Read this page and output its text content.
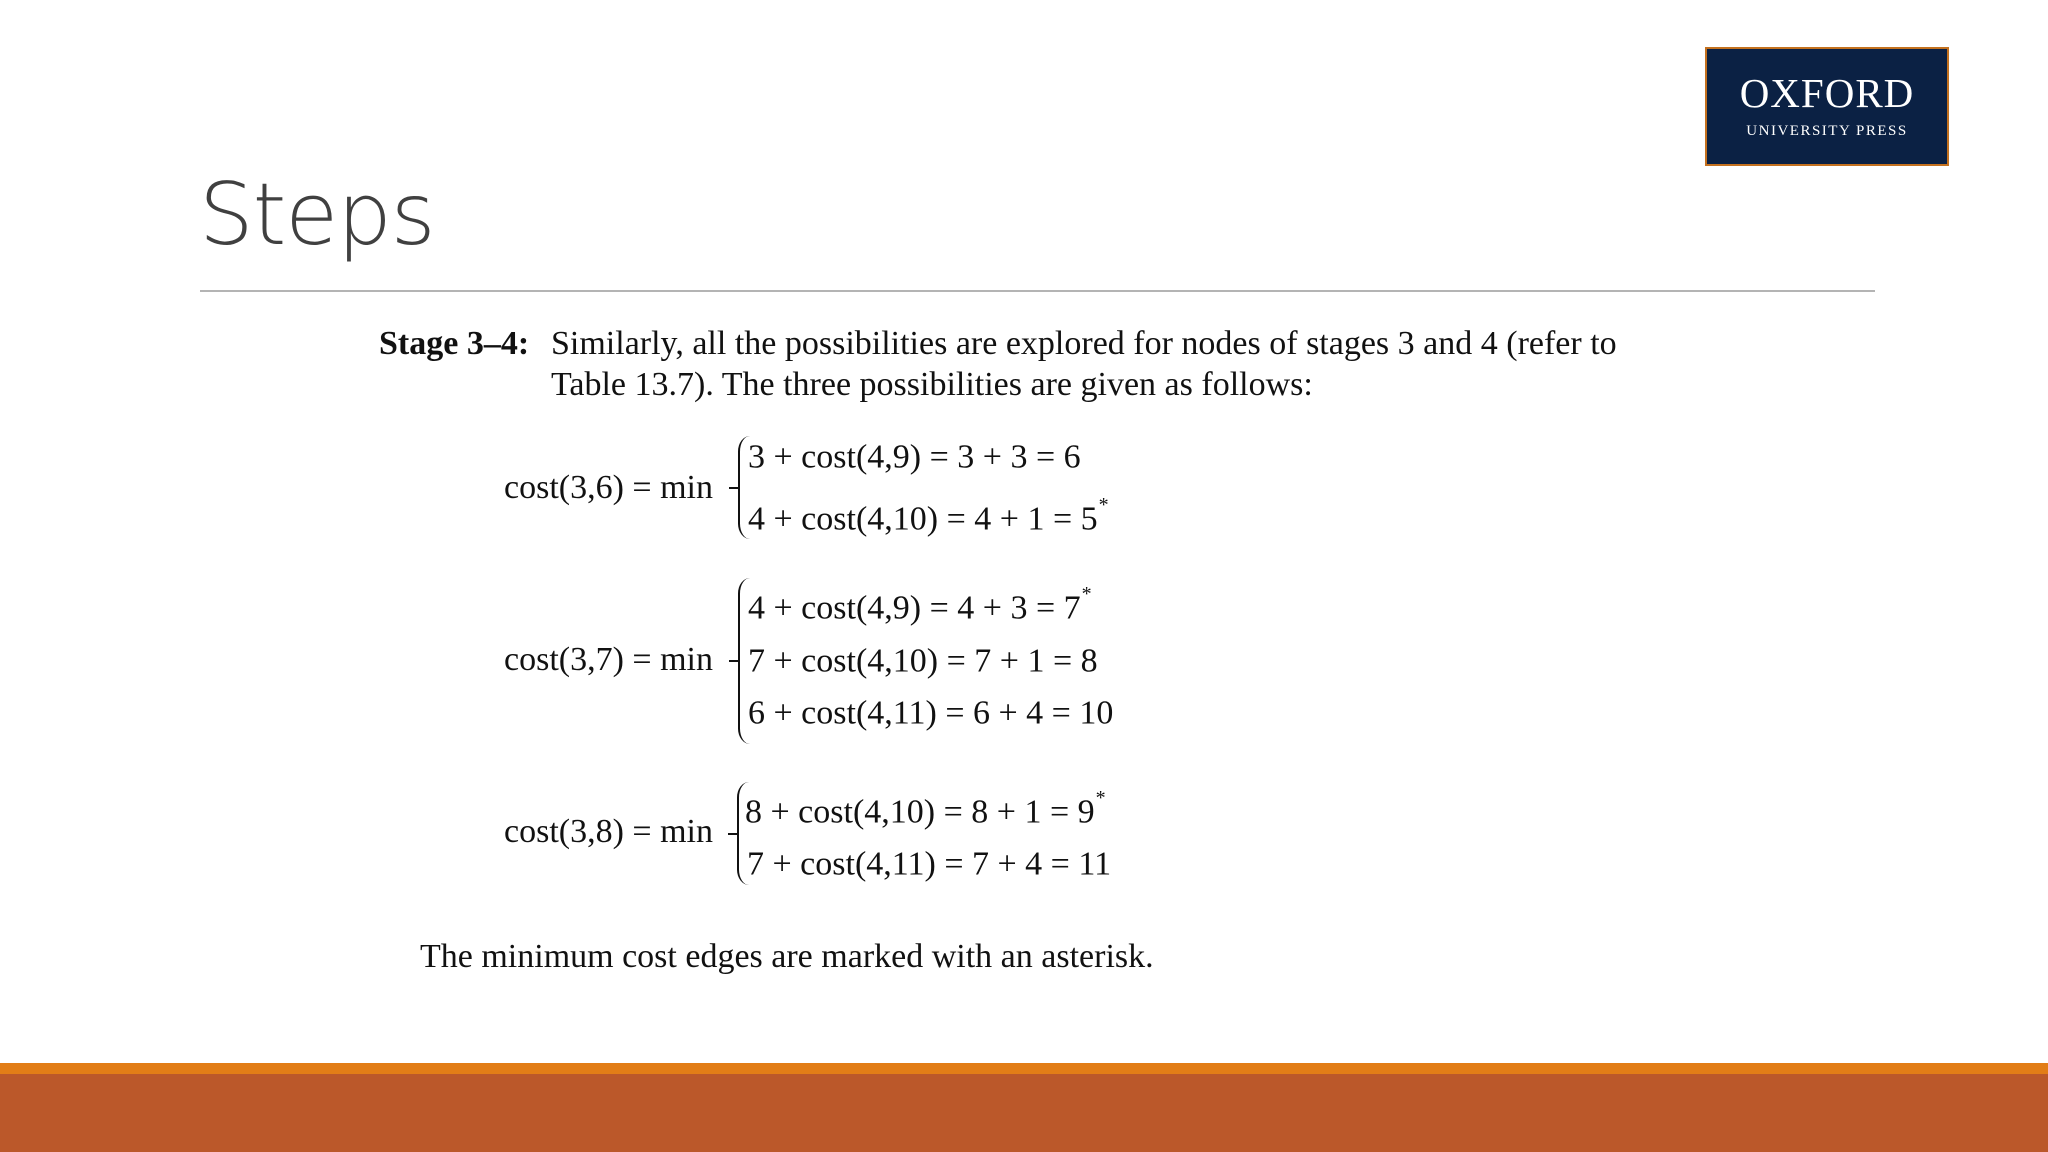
OXFORD
UNIVERSITY PRESS
Steps
Stage 3–4: Similarly, all the possibilities are explored for nodes of stages 3 and 4 (refer to
Table 13.7). The three possibilities are given as follows:
cost(3,6) = min
3 + cost(4,9) = 3 + 3 = 6
4 + cost(4,10) = 4 + 1 = 5*
cost(3,7) = min
4 + cost(4,9) = 4 + 3 = 7*
7 + cost(4,10) = 7 + 1 = 8
6 + cost(4,11) = 6 + 4 = 10
cost(3,8) = min
8 + cost(4,10) = 8 + 1 = 9*
7 + cost(4,11) = 7 + 4 = 11
The minimum cost edges are marked with an asterisk.
